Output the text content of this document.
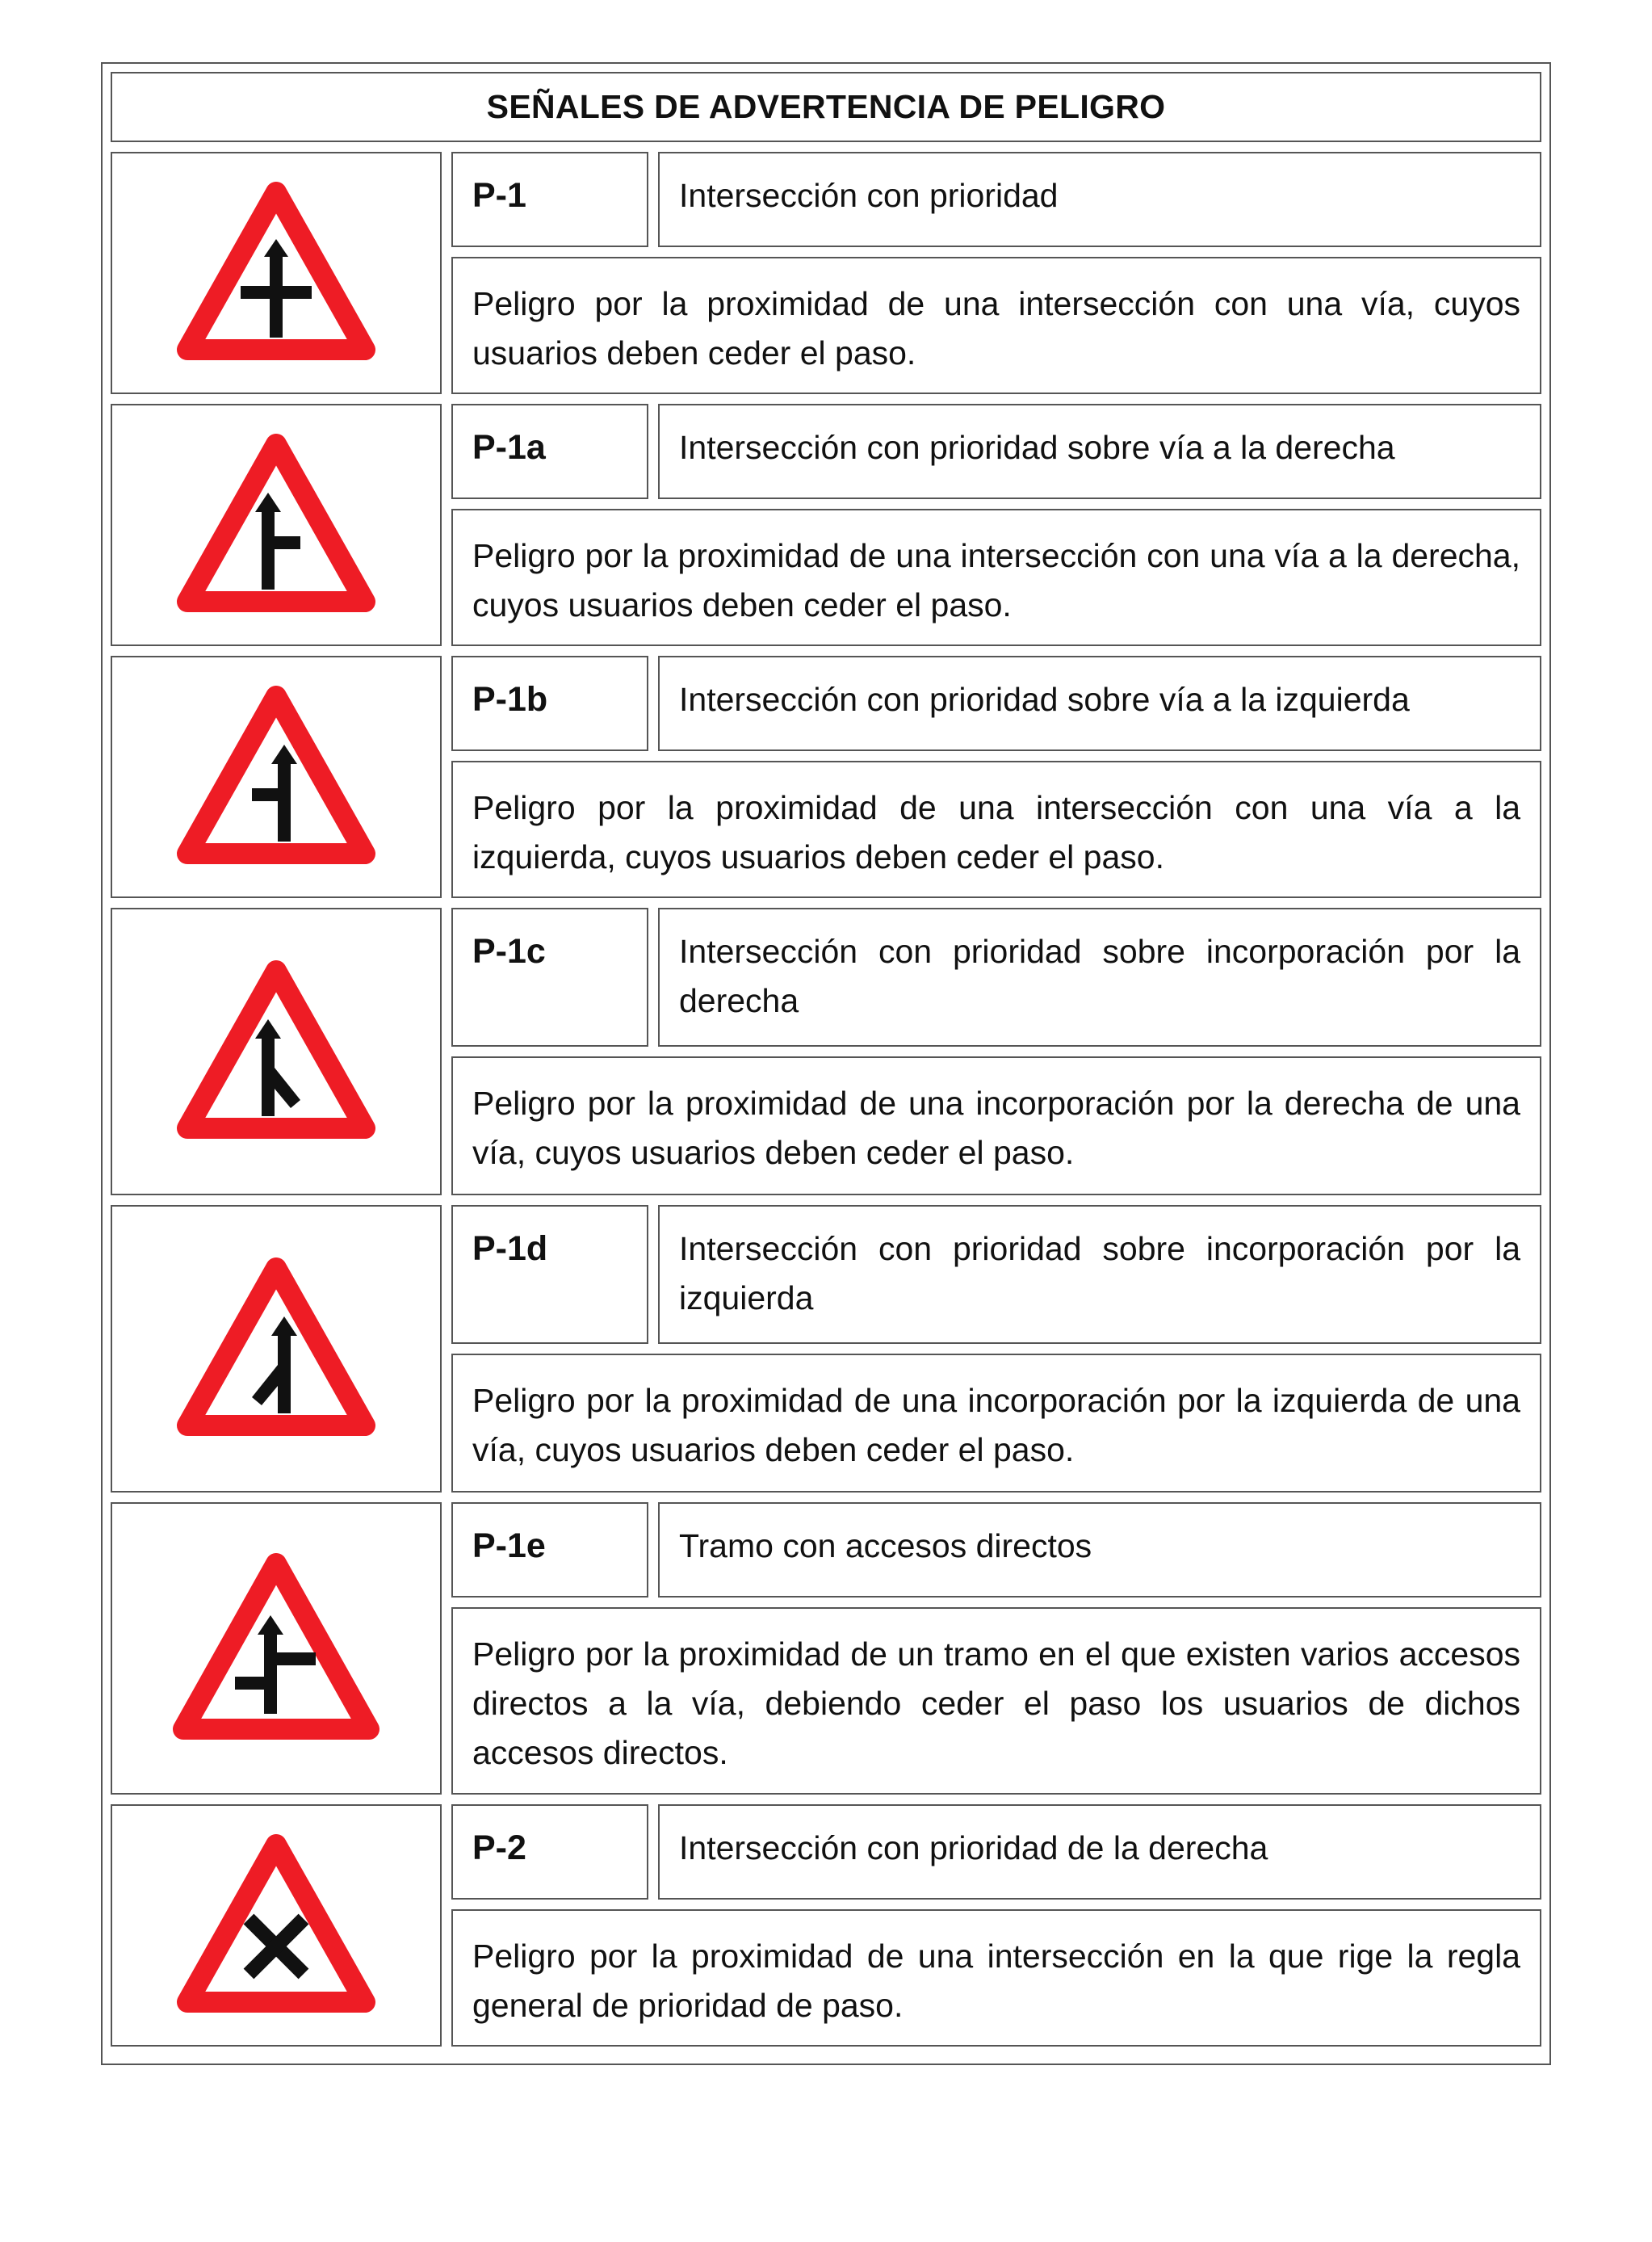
SEÑALES DE ADVERTENCIA DE PELIGRO
P-1	Intersección con prioridad
Peligro por la proximidad de una intersección con una vía, cuyos usuarios deben ceder el paso.
P-1a	Intersección con prioridad sobre vía a la derecha
Peligro por la proximidad de una intersección con una vía a la derecha, cuyos usuarios deben ceder el paso.
P-1b	Intersección con prioridad sobre vía a la izquierda
Peligro por la proximidad de una intersección con una vía a la izquierda, cuyos usuarios deben ceder el paso.
P-1c	Intersección con prioridad sobre incorporación por la derecha
Peligro por la proximidad de una incorporación por la derecha de una vía, cuyos usuarios deben ceder el paso.
P-1d	Intersección con prioridad sobre incorporación por la izquierda
Peligro por la proximidad de una incorporación por la izquierda de una vía, cuyos usuarios deben ceder el paso.
P-1e	Tramo con accesos directos
Peligro por la proximidad de un tramo en el que existen varios accesos directos a la vía, debiendo ceder el paso los usuarios de dichos accesos directos.
P-2	Intersección con prioridad de la derecha
Peligro por la proximidad de una intersección en la que rige la regla general de prioridad de paso.
